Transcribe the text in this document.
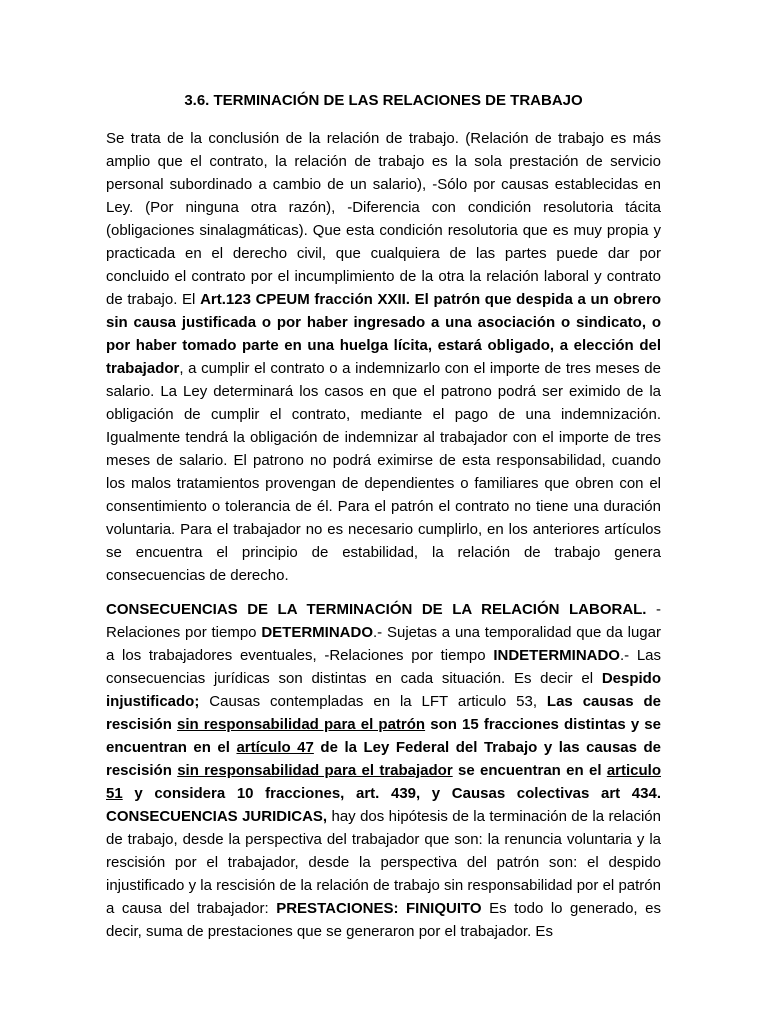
3.6. TERMINACIÓN DE LAS RELACIONES DE TRABAJO

Se trata de la conclusión de la relación de trabajo. (Relación de trabajo es más amplio que el contrato, la relación de trabajo es la sola prestación de servicio personal subordinado a cambio de un salario), -Sólo por causas establecidas en Ley. (Por ninguna otra razón), -Diferencia con condición resolutoria tácita (obligaciones sinalagmáticas). Que esta condición resolutoria que es muy propia y practicada en el derecho civil, que cualquiera de las partes puede dar por concluido el contrato por el incumplimiento de la otra la relación laboral y contrato de trabajo. El Art.123 CPEUM fracción XXII. El patrón que despida a un obrero sin causa justificada o por haber ingresado a una asociación o sindicato, o por haber tomado parte en una huelga lícita, estará obligado, a elección del trabajador, a cumplir el contrato o a indemnizarlo con el importe de tres meses de salario. La Ley determinará los casos en que el patrono podrá ser eximido de la obligación de cumplir el contrato, mediante el pago de una indemnización. Igualmente tendrá la obligación de indemnizar al trabajador con el importe de tres meses de salario. El patrono no podrá eximirse de esta responsabilidad, cuando los malos tratamientos provengan de dependientes o familiares que obren con el consentimiento o tolerancia de él. Para el patrón el contrato no tiene una duración voluntaria. Para el trabajador no es necesario cumplirlo, en los anteriores artículos se encuentra el principio de estabilidad, la relación de trabajo genera consecuencias de derecho.

CONSECUENCIAS DE LA TERMINACIÓN DE LA RELACIÓN LABORAL. - Relaciones por tiempo DETERMINADO.- Sujetas a una temporalidad que da lugar a los trabajadores eventuales, -Relaciones por tiempo INDETERMINADO.- Las consecuencias jurídicas son distintas en cada situación. Es decir el Despido injustificado; Causas contempladas en la LFT articulo 53, Las causas de rescisión sin responsabilidad para el patrón son 15 fracciones distintas y se encuentran en el artículo 47 de la Ley Federal del Trabajo y las causas de rescisión sin responsabilidad para el trabajador se encuentran en el articulo 51 y considera 10 fracciones, art. 439, y Causas colectivas art 434. CONSECUENCIAS JURIDICAS, hay dos hipótesis de la terminación de la relación de trabajo, desde la perspectiva del trabajador que son: la renuncia voluntaria y la rescisión por el trabajador, desde la perspectiva del patrón son: el despido injustificado y la rescisión de la relación de trabajo sin responsabilidad por el patrón a causa del trabajador: PRESTACIONES: FINIQUITO Es todo lo generado, es decir, suma de prestaciones que se generaron por el trabajador. Es
